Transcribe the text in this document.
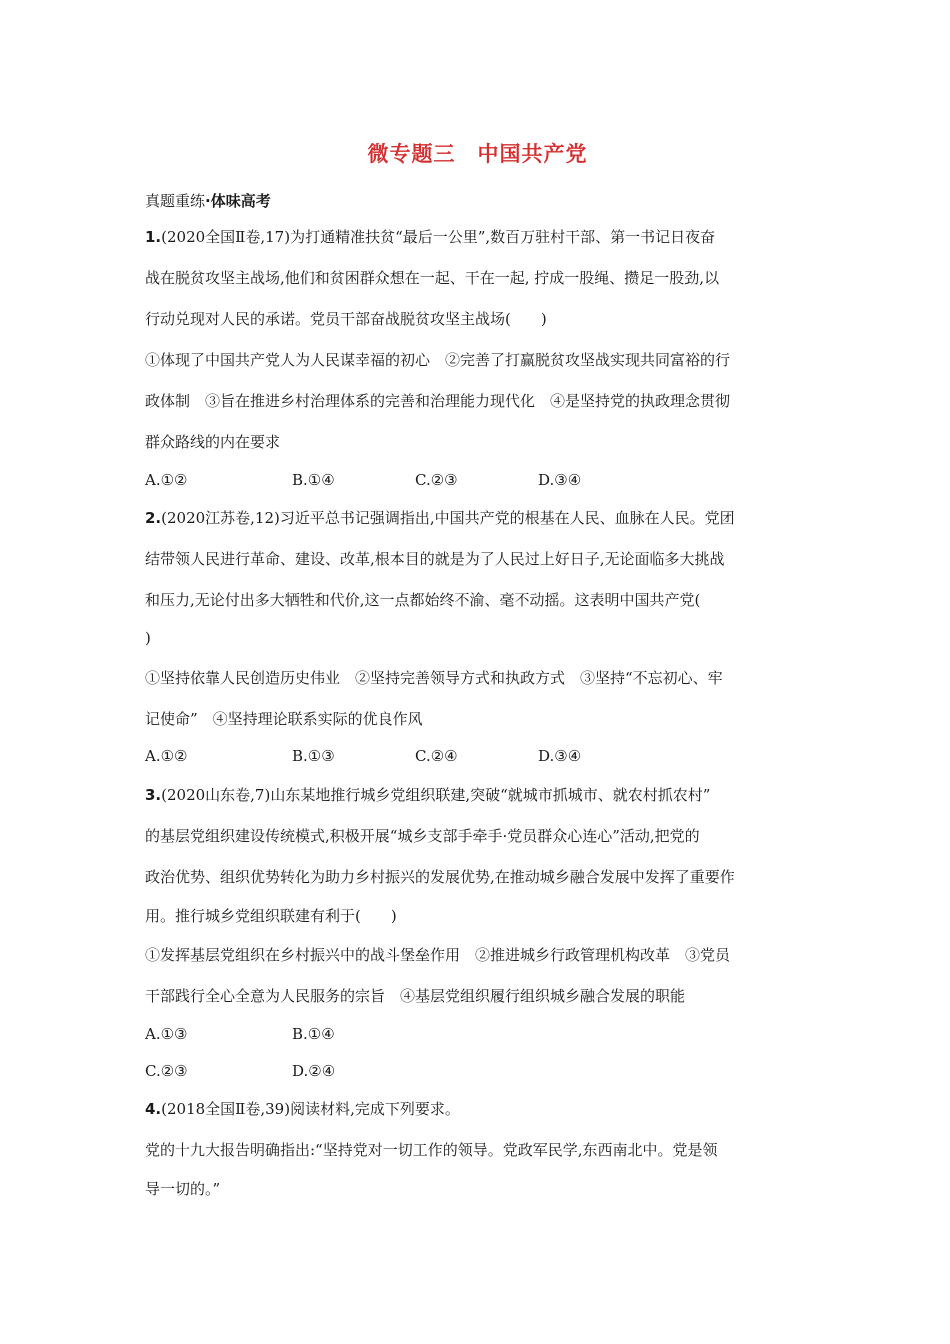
微专题三　中国共产党
真题重练·体味高考
1.(2020全国Ⅱ卷,17)为打通精准扶贫“最后一公里”,数百万驻村干部、第一书记日夜奋
战在脱贫攻坚主战场,他们和贫困群众想在一起、干在一起, 拧成一股绳、攒足一股劲,以
行动兑现对人民的承诺。党员干部奋战脱贫攻坚主战场(　　)
①体现了中国共产党人为人民谋幸福的初心　②完善了打赢脱贫攻坚战实现共同富裕的行
政体制　③旨在推进乡村治理体系的完善和治理能力现代化　④是坚持党的执政理念贯彻
群众路线的内在要求
A.①②	B.①④	C.②③	D.③④
2.(2020江苏卷,12)习近平总书记强调指出,中国共产党的根基在人民、血脉在人民。党团
结带领人民进行革命、建设、改革,根本目的就是为了人民过上好日子,无论面临多大挑战
和压力,无论付出多大牺牲和代价,这一点都始终不渝、毫不动摇。这表明中国共产党(
)
①坚持依靠人民创造历史伟业　②坚持完善领导方式和执政方式　③坚持“不忘初心、牢
记使命”　④坚持理论联系实际的优良作风
A.①②	B.①③	C.②④	D.③④
3.(2020山东卷,7)山东某地推行城乡党组织联建,突破“就城市抓城市、就农村抓农村”
的基层党组织建设传统模式,积极开展“城乡支部手牵手·党员群众心连心”活动,把党的
政治优势、组织优势转化为助力乡村振兴的发展优势,在推动城乡融合发展中发挥了重要作
用。推行城乡党组织联建有利于(　　)
①发挥基层党组织在乡村振兴中的战斗堡垒作用　②推进城乡行政管理机构改革　③党员
干部践行全心全意为人民服务的宗旨　④基层党组织履行组织城乡融合发展的职能
A.①③	B.①④
C.②③	D.②④
4.(2018全国Ⅱ卷,39)阅读材料,完成下列要求。
党的十九大报告明确指出:“坚持党对一切工作的领导。党政军民学,东西南北中。党是领
导一切的。”
